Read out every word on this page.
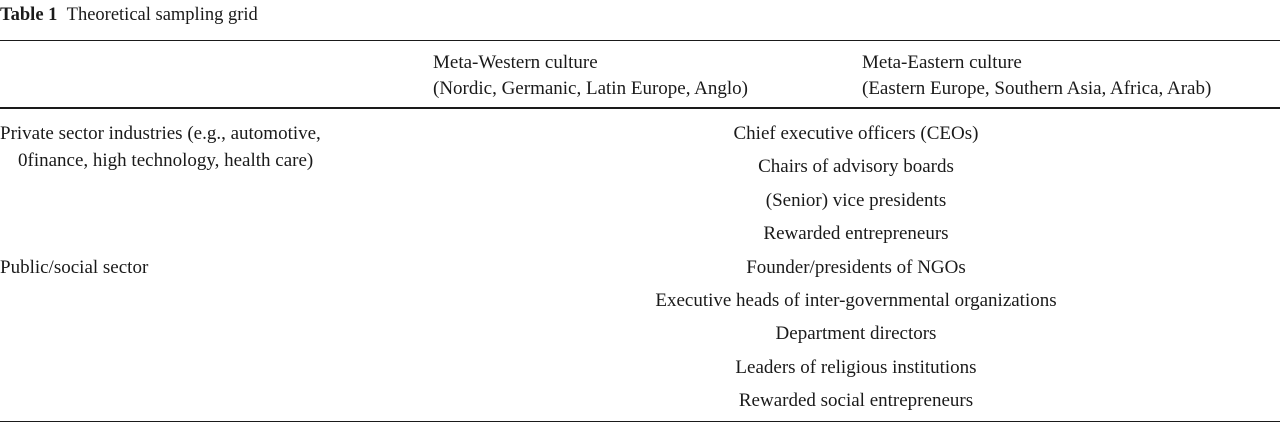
Table 1 Theoretical sampling grid
Meta-Western culture
(Nordic, Germanic, Latin Europe, Anglo)
Meta-Eastern culture
(Eastern Europe, Southern Asia, Africa, Arab)
Private sector industries (e.g., automotive,
0finance, high technology, health care)
Public/social sector
Chief executive officers (CEOs)
Chairs of advisory boards
(Senior) vice presidents
Rewarded entrepreneurs
Founder/presidents of NGOs
Executive heads of inter-governmental organizations
Department directors
Leaders of religious institutions
Rewarded social entrepreneurs
